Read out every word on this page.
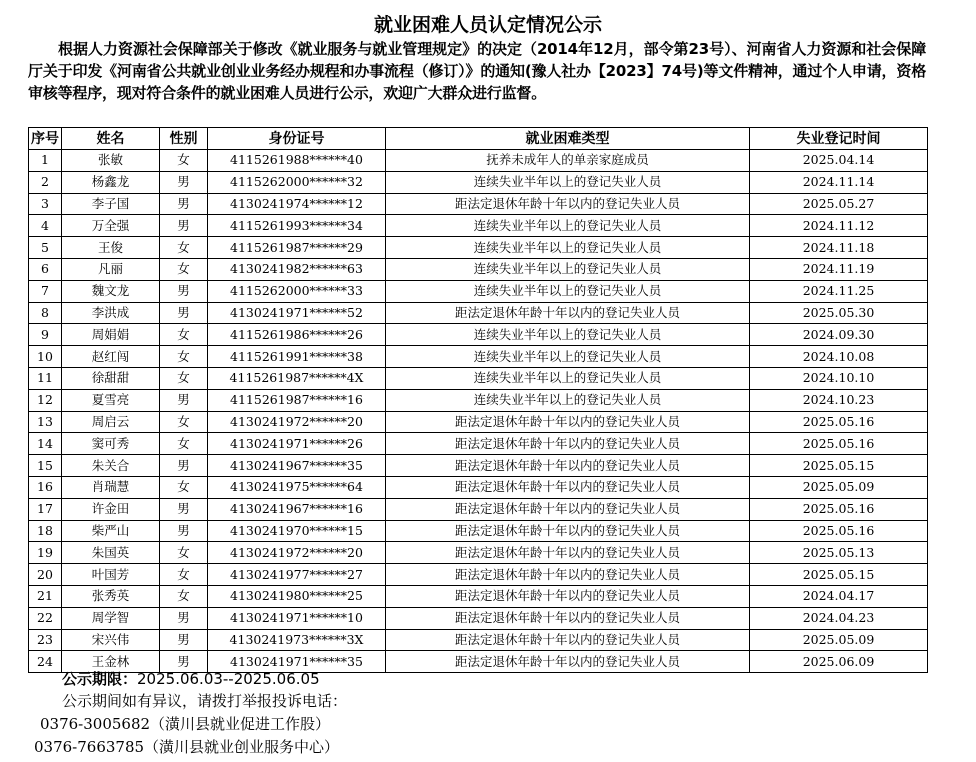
就业困难人员认定情况公示
根据人力资源社会保障部关于修改《就业服务与就业管理规定》的决定（2014年12月，部令第23号）、河南省人力资源和社会保障厅关于印发《河南省公共就业创业业务经办规程和办事流程（修订）》的通知(豫人社办【2023】74号)等文件精神，通过个人申请，资格审核等程序，现对符合条件的就业困难人员进行公示，欢迎广大群众进行监督。
序号	姓名	性别	身份证号	就业困难类型	失业登记时间
1	张敏	女	4115261988******40	抚养未成年人的单亲家庭成员	2025.04.14
2	杨鑫龙	男	4115262000******32	连续失业半年以上的登记失业人员	2024.11.14
3	李子国	男	4130241974******12	距法定退休年龄十年以内的登记失业人员	2025.05.27
4	万全强	男	4115261993******34	连续失业半年以上的登记失业人员	2024.11.12
5	王俊	女	4115261987******29	连续失业半年以上的登记失业人员	2024.11.18
6	凡丽	女	4130241982******63	连续失业半年以上的登记失业人员	2024.11.19
7	魏文龙	男	4115262000******33	连续失业半年以上的登记失业人员	2024.11.25
8	李洪成	男	4130241971******52	距法定退休年龄十年以内的登记失业人员	2025.05.30
9	周娟娟	女	4115261986******26	连续失业半年以上的登记失业人员	2024.09.30
10	赵红闯	女	4115261991******38	连续失业半年以上的登记失业人员	2024.10.08
11	徐甜甜	女	4115261987******4X	连续失业半年以上的登记失业人员	2024.10.10
12	夏雪亮	男	4115261987******16	连续失业半年以上的登记失业人员	2024.10.23
13	周启云	女	4130241972******20	距法定退休年龄十年以内的登记失业人员	2025.05.16
14	窦可秀	女	4130241971******26	距法定退休年龄十年以内的登记失业人员	2025.05.16
15	朱关合	男	4130241967******35	距法定退休年龄十年以内的登记失业人员	2025.05.15
16	肖瑞慧	女	4130241975******64	距法定退休年龄十年以内的登记失业人员	2025.05.09
17	许金田	男	4130241967******16	距法定退休年龄十年以内的登记失业人员	2025.05.16
18	柴严山	男	4130241970******15	距法定退休年龄十年以内的登记失业人员	2025.05.16
19	朱国英	女	4130241972******20	距法定退休年龄十年以内的登记失业人员	2025.05.13
20	叶国芳	女	4130241977******27	距法定退休年龄十年以内的登记失业人员	2025.05.15
21	张秀英	女	4130241980******25	距法定退休年龄十年以内的登记失业人员	2024.04.17
22	周学智	男	4130241971******10	距法定退休年龄十年以内的登记失业人员	2024.04.23
23	宋兴伟	男	4130241973******3X	距法定退休年龄十年以内的登记失业人员	2025.05.09
24	王金林	男	4130241971******35	距法定退休年龄十年以内的登记失业人员	2025.06.09
公示期限：2025.06.03--2025.06.05
公示期间如有异议，请拨打举报投诉电话：
0376-3005682（潢川县就业促进工作股）
0376-7663785（潢川县就业创业服务中心）
